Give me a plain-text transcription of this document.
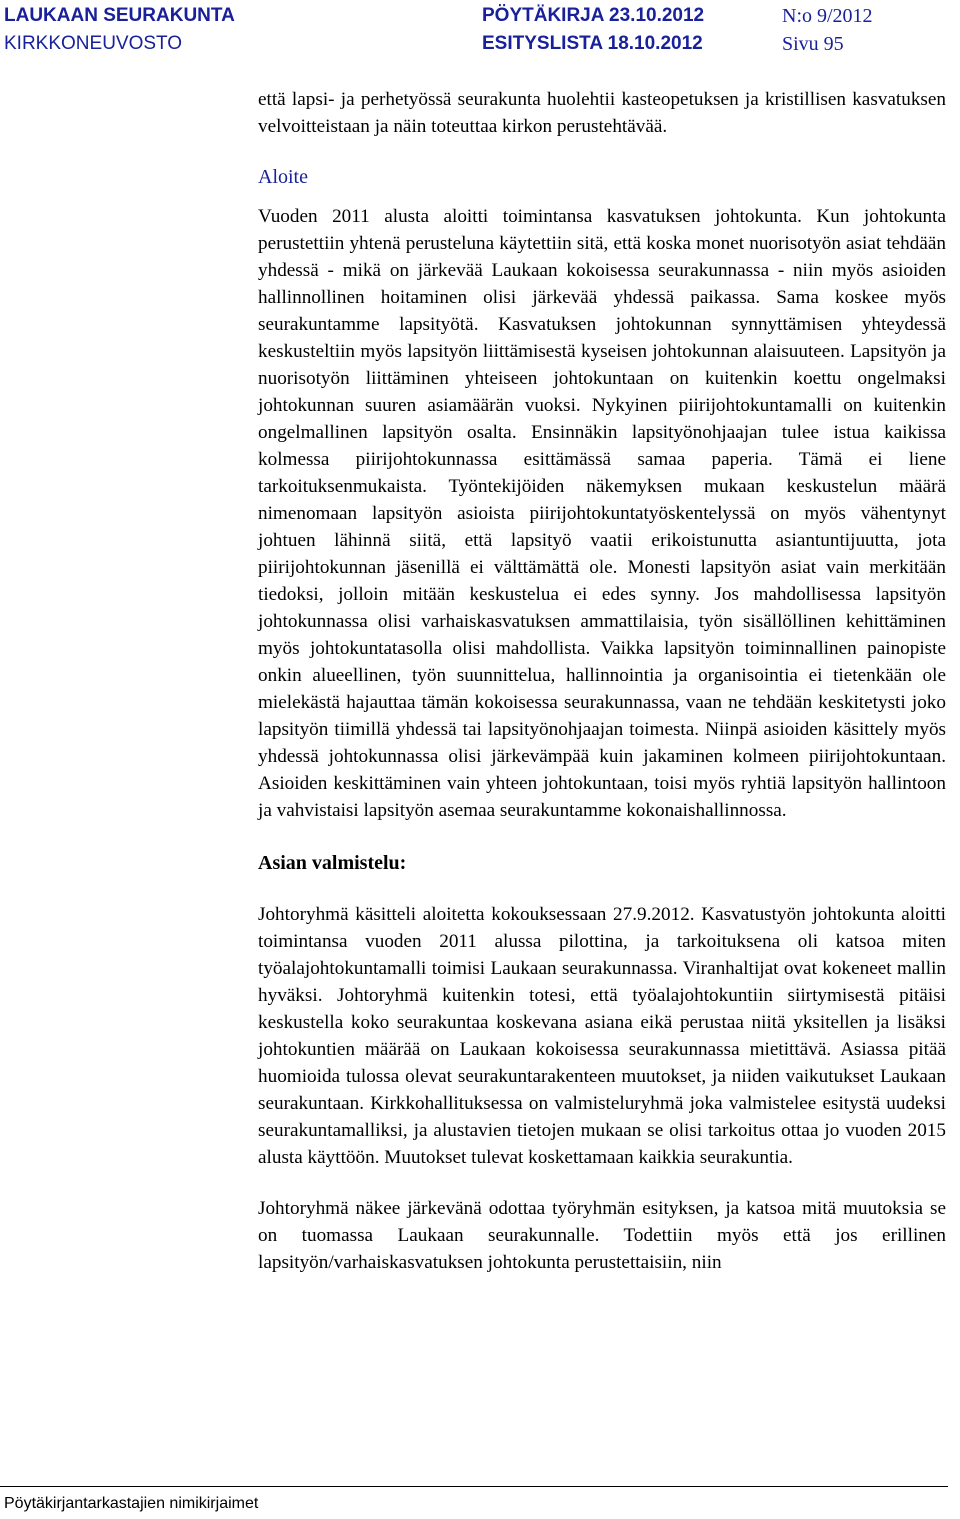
LAUKAAN SEURAKUNTA
KIRKKONEUVOSTO
PÖYTÄKIRJA 23.10.2012
ESITYSLISTA 18.10.2012
N:o 9/2012
Sivu 95

että lapsi- ja perhetyössä seurakunta huolehtii kasteopetuksen ja kristillisen kasvatuksen velvoitteistaan ja näin toteuttaa kirkon perustehtävää.

Aloite

Vuoden 2011 alusta aloitti toimintansa kasvatuksen johtokunta. Kun johtokunta perustettiin yhtenä perusteluna käytettiin sitä, että koska monet nuorisotyön asiat tehdään yhdessä - mikä on järkevää Laukaan kokoisessa seurakunnassa - niin myös asioiden hallinnollinen hoitaminen olisi järkevää yhdessä paikassa. Sama koskee myös seurakuntamme lapsityötä. Kasvatuksen johtokunnan synnyttämisen yhteydessä keskusteltiin myös lapsityön liittämisestä kyseisen johtokunnan alaisuuteen. Lapsityön ja nuorisotyön liittäminen yhteiseen johtokuntaan on kuitenkin koettu ongelmaksi johtokunnan suuren asiamäärän vuoksi. Nykyinen piirijohtokuntamalli on kuitenkin ongelmallinen lapsityön osalta. Ensinnäkin lapsityönohjaajan tulee istua kaikissa kolmessa piirijohtokunnassa esittämässä samaa paperia. Tämä ei liene tarkoituksenmukaista. Työntekijöiden näkemyksen mukaan keskustelun määrä nimenomaan lapsityön asioista piirijohtokuntatyöskentelyssä on myös vähentynyt johtuen lähinnä siitä, että lapsityö vaatii erikoistunutta asiantuntijuutta, jota piirijohtokunnan jäsenillä ei välttämättä ole. Monesti lapsityön asiat vain merkitään tiedoksi, jolloin mitään keskustelua ei edes synny. Jos mahdollisessa lapsityön johtokunnassa olisi varhaiskasvatuksen ammattilaisia, työn sisällöllinen kehittäminen myös johtokuntatasolla olisi mahdollista. Vaikka lapsityön toiminnallinen painopiste onkin alueellinen, työn suunnittelua, hallinnointia ja organisointia ei tietenkään ole mielekästä hajauttaa tämän kokoisessa seurakunnassa, vaan ne tehdään keskitetysti joko lapsityön tiimillä yhdessä tai lapsityönohjaajan toimesta. Niinpä asioiden käsittely myös yhdessä johtokunnassa olisi järkevämpää kuin jakaminen kolmeen piirijohtokuntaan. Asioiden keskittäminen vain yhteen johtokuntaan, toisi myös ryhtiä lapsityön hallintoon ja vahvistaisi lapsityön asemaa seurakuntamme kokonaishallinnossa.

Asian valmistelu:

Johtoryhmä käsitteli aloitetta kokouksessaan 27.9.2012. Kasvatustyön johtokunta aloitti toimintansa vuoden 2011 alussa pilottina, ja tarkoituksena oli katsoa miten työalajohtokuntamalli toimisi Laukaan seurakunnassa. Viranhaltijat ovat kokeneet mallin hyväksi. Johtoryhmä kuitenkin totesi, että työalajohtokuntiin siirtymisestä pitäisi keskustella koko seurakuntaa koskevana asiana eikä perustaa niitä yksitellen ja lisäksi johtokuntien määrää on Laukaan kokoisessa seurakunnassa mietittävä. Asiassa pitää huomioida tulossa olevat seurakuntarakenteen muutokset, ja niiden vaikutukset Laukaan seurakuntaan. Kirkkohallituksessa on valmisteluryhmä joka valmistelee esitystä uudeksi seurakuntamalliksi, ja alustavien tietojen mukaan se olisi tarkoitus ottaa jo vuoden 2015 alusta käyttöön. Muutokset tulevat koskettamaan kaikkia seurakuntia.

Johtoryhmä näkee järkevänä odottaa työryhmän esityksen, ja katsoa mitä muutoksia se on tuomassa Laukaan seurakunnalle. Todettiin myös että jos erillinen lapsityön/varhaiskasvatuksen johtokunta perustettaisiin, niin

Pöytäkirjantarkastajien nimikirjaimet
